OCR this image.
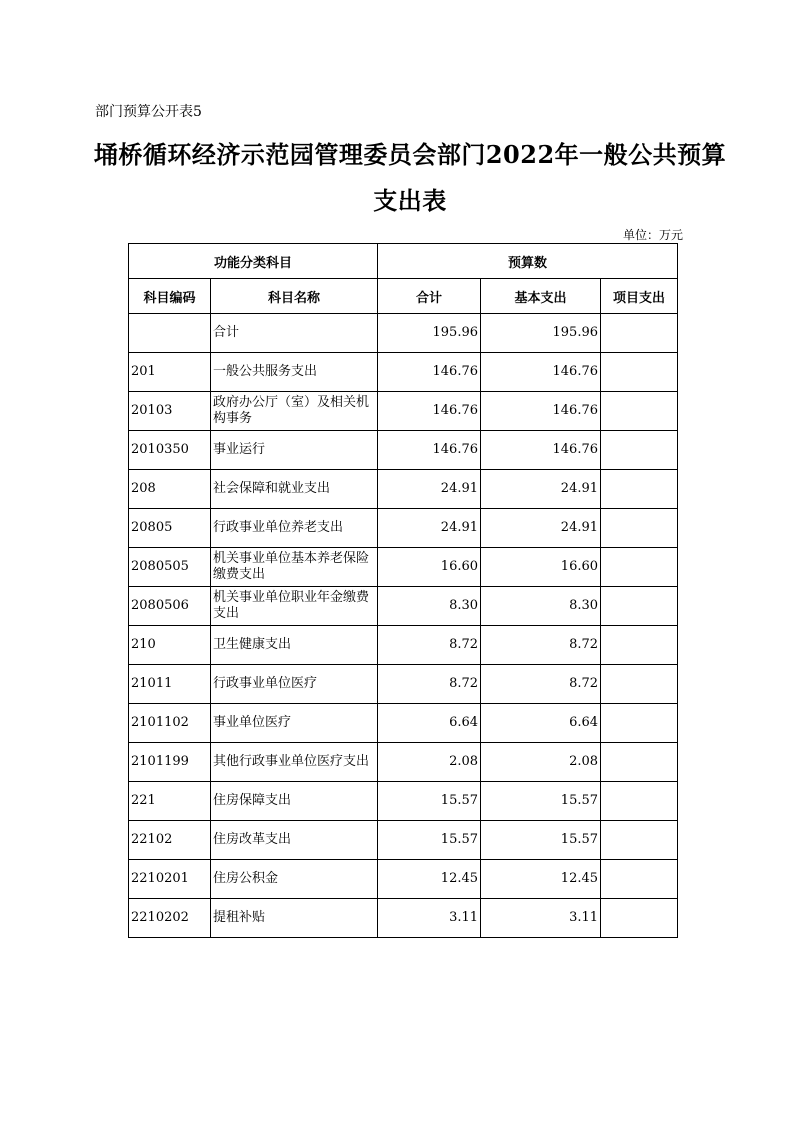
部门预算公开表5
埇桥循环经济示范园管理委员会部门2022年一般公共预算
支出表
单位：万元
功能分类科目		预算数		
科目编码	科目名称	合计	基本支出	项目支出
	合计	195.96	195.96	
201	一般公共服务支出	146.76	146.76	
20103	政府办公厅（室）及相关机构事务	146.76	146.76	
2010350	事业运行	146.76	146.76	
208	社会保障和就业支出	24.91	24.91	
20805	行政事业单位养老支出	24.91	24.91	
2080505	机关事业单位基本养老保险缴费支出	16.60	16.60	
2080506	机关事业单位职业年金缴费支出	8.30	8.30	
210	卫生健康支出	8.72	8.72	
21011	行政事业单位医疗	8.72	8.72	
2101102	事业单位医疗	6.64	6.64	
2101199	其他行政事业单位医疗支出	2.08	2.08	
221	住房保障支出	15.57	15.57	
22102	住房改革支出	15.57	15.57	
2210201	住房公积金	12.45	12.45	
2210202	提租补贴	3.11	3.11	
